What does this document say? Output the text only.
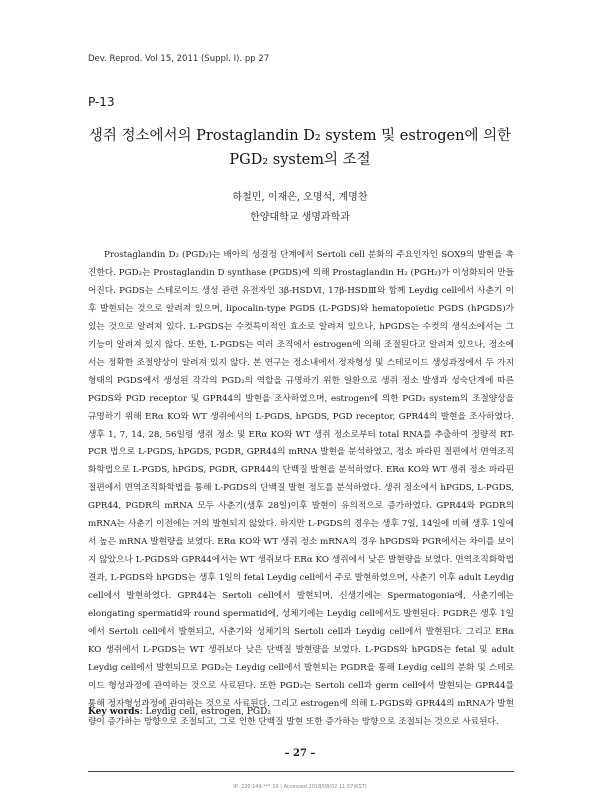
Dev. Reprod. Vol 15, 2011 (Suppl. I). pp 27
P-13
생쥐 정소에서의 Prostaglandin D₂ system 및 estrogen에 의한
PGD₂ system의 조절
하철민, 이재은, 오명석, 계명찬
한양대학교 생명과학과

Prostaglandin D₂ (PGD₂)는 배아의 성결정 단계에서 Sertoli cell 분화의 주요인자인 SOX9의 발현을 촉진한다. PGD₂는 Prostaglandin D synthase (PGDS)에 의해 Prostaglandin H₂ (PGH₂)가 이성화되어 만들어진다. PGDS는 스테로이드 생성 관련 유전자인 3β-HSDⅥ, 17β-HSDⅢ와 함께 Leydig cell에서 사춘기 이후 발현되는 것으로 알려져 있으며, lipocalin-type PGDS (L-PGDS)와 hematopoietic PGDS (hPGDS)가 있는 것으로 알려져 있다. L-PGDS는 수컷특이적인 효소로 알려져 있으나, hPGDS는 수컷의 생식소에서는 그 기능이 알려져 있지 않다. 또한, L-PGDS는 여러 조직에서 estrogen에 의해 조절된다고 알려져 있으나, 정소에서는 정확한 조절양상이 알려져 있지 않다. 본 연구는 정소내에서 정자형성 및 스테로이드 생성과정에서 두 가지 형태의 PGDS에서 생성된 각각의 PGD₂의 역할을 규명하기 위한 일환으로 생쥐 정소 발생과 성숙단계에 따른 PGDS와 PGD receptor 및 GPR44의 발현을 조사하였으며, estrogen에 의한 PGD₂ system의 조절양상을 규명하기 위해 ERα KO와 WT 생쥐에서의 L-PGDS, hPGDS, PGD receptor, GPR44의 발현을 조사하였다. 생후 1, 7, 14, 28, 56일령 생쥐 정소 및 ERα KO와 WT 생쥐 정소로부터 total RNA를 추출하여 정량적 RT-PCR 법으로 L-PGDS, hPGDS, PGDR, GPR44의 mRNA 발현을 분석하였고, 정소 파라핀 절편에서 면역조직화학법으로 L-PGDS, hPGDS, PGDR, GPR44의 단백질 발현을 분석하였다. ERα KO와 WT 생쥐 정소 파라핀 절편에서 면역조직화학법을 통해 L-PGDS의 단백질 발현 정도를 분석하였다. 생쥐 정소에서 hPGDS, L-PGDS, GPR44, PGDR의 mRNA 모두 사춘기(생후 28일)이후 발현이 유의적으로 증가하였다. GPR44와 PGDR의 mRNA는 사춘기 이전에는 거의 발현되지 않았다. 하지만 L-PGDS의 경우는 생후 7일, 14일에 비해 생후 1일에서 높은 mRNA 발현량을 보였다. ERα KO와 WT 생쥐 정소 mRNA의 경우 hPGDS와 PGR에서는 차이를 보이지 않았으나 L-PGDS와 GPR44에서는 WT 생쥐보다 ERα KO 생쥐에서 낮은 발현량을 보였다. 면역조직화학법 결과, L-PGDS와 hPGDS는 생후 1일의 fetal Leydig cell에서 주로 발현하였으며, 사춘기 이후 adult Leydig cell에서 발현하였다. GPR44는 Sertoli cell에서 발현되며, 신생기에는 Spermatogonia에, 사춘기에는 elongating spermatid와 round spermatid에, 성체기에는 Leydig cell에서도 발현된다. PGDR은 생후 1일에서 Sertoli cell에서 발현되고, 사춘기와 성체기의 Sertoli cell과 Leydig cell에서 발현된다. 그리고 ERα KO 생쥐에서 L-PGDS는 WT 생쥐보다 낮은 단백질 발현량을 보였다. L-PGDS와 hPGDS는 fetal 및 adult Leydig cell에서 발현되므로 PGD₂는 Leydig cell에서 발현되는 PGDR을 통해 Leydig cell의 분화 및 스테로이드 형성과정에 관여하는 것으로 사료된다. 또한 PGD₂는 Sertoli cell과 germ cell에서 발현되는 GPR44를 통해 정자형성과정에 관여하는 것으로 사료된다. 그리고 estrogen에 의해 L-PGDS와 GPR44의 mRNA가 발현량이 증가하는 방향으로 조절되고, 그로 인한 단백질 발현 또한 증가하는 방향으로 조절되는 것으로 사료된다.

Key words: Leydig cell, estrogen, PGD₂
– 27 –
IP: 220.149.***.10 | Accessed 2018/08/02 11:57(KST)
